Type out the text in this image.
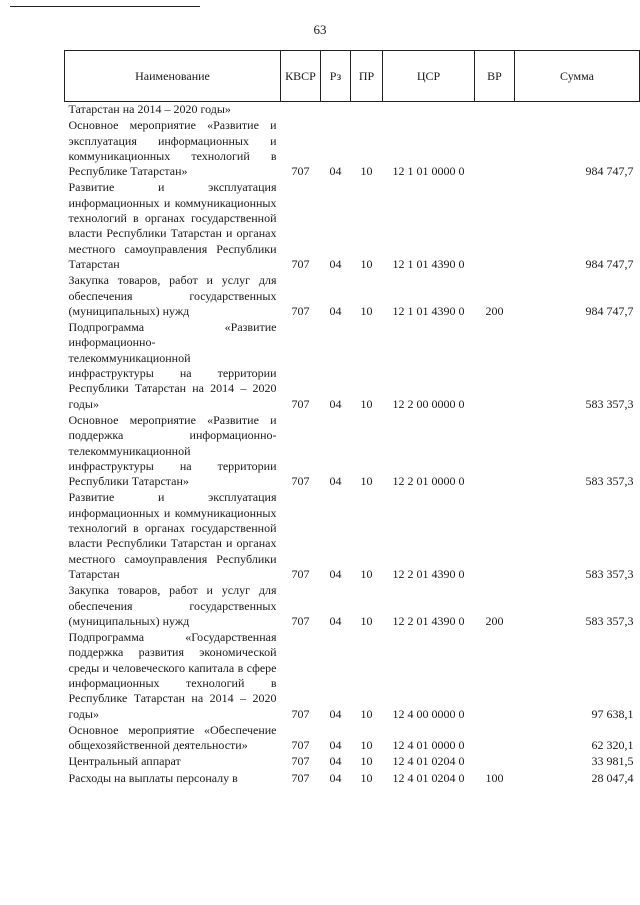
63
Наименование	КВСР	Рз	ПР	ЦСР	ВР	Сумма
Татарстан на 2014 – 2020 годы»						
Основное мероприятие «Развитие и эксплуатация информационных и коммуникационных технологий в Республике Татарстан»	707	04	10	12 1 01 0000 0		984 747,7
Развитие и эксплуатация информационных и коммуникационных технологий в органах государственной власти Республики Татарстан и органах местного самоуправления Республики Татарстан	707	04	10	12 1 01 4390 0		984 747,7
Закупка товаров, работ и услуг для обеспечения государственных (муниципальных) нужд	707	04	10	12 1 01 4390 0	200	984 747,7
Подпрограмма «Развитие информационно-телекоммуникационной инфраструктуры на территории Республики Татарстан на 2014 – 2020 годы»	707	04	10	12 2 00 0000 0		583 357,3
Основное мероприятие «Развитие и поддержка информационно-телекоммуникационной инфраструктуры на территории Республики Татарстан»	707	04	10	12 2 01 0000 0		583 357,3
Развитие и эксплуатация информационных и коммуникационных технологий в органах государственной власти Республики Татарстан и органах местного самоуправления Республики Татарстан	707	04	10	12 2 01 4390 0		583 357,3
Закупка товаров, работ и услуг для обеспечения государственных (муниципальных) нужд	707	04	10	12 2 01 4390 0	200	583 357,3
Подпрограмма «Государственная поддержка развития экономической среды и человеческого капитала в сфере информационных технологий в Республике Татарстан на 2014 – 2020 годы»	707	04	10	12 4 00 0000 0		97 638,1
Основное мероприятие «Обеспечение общехозяйственной деятельности»	707	04	10	12 4 01 0000 0		62 320,1
Центральный аппарат	707	04	10	12 4 01 0204 0		33 981,5
Расходы на выплаты персоналу в	707	04	10	12 4 01 0204 0	100	28 047,4
